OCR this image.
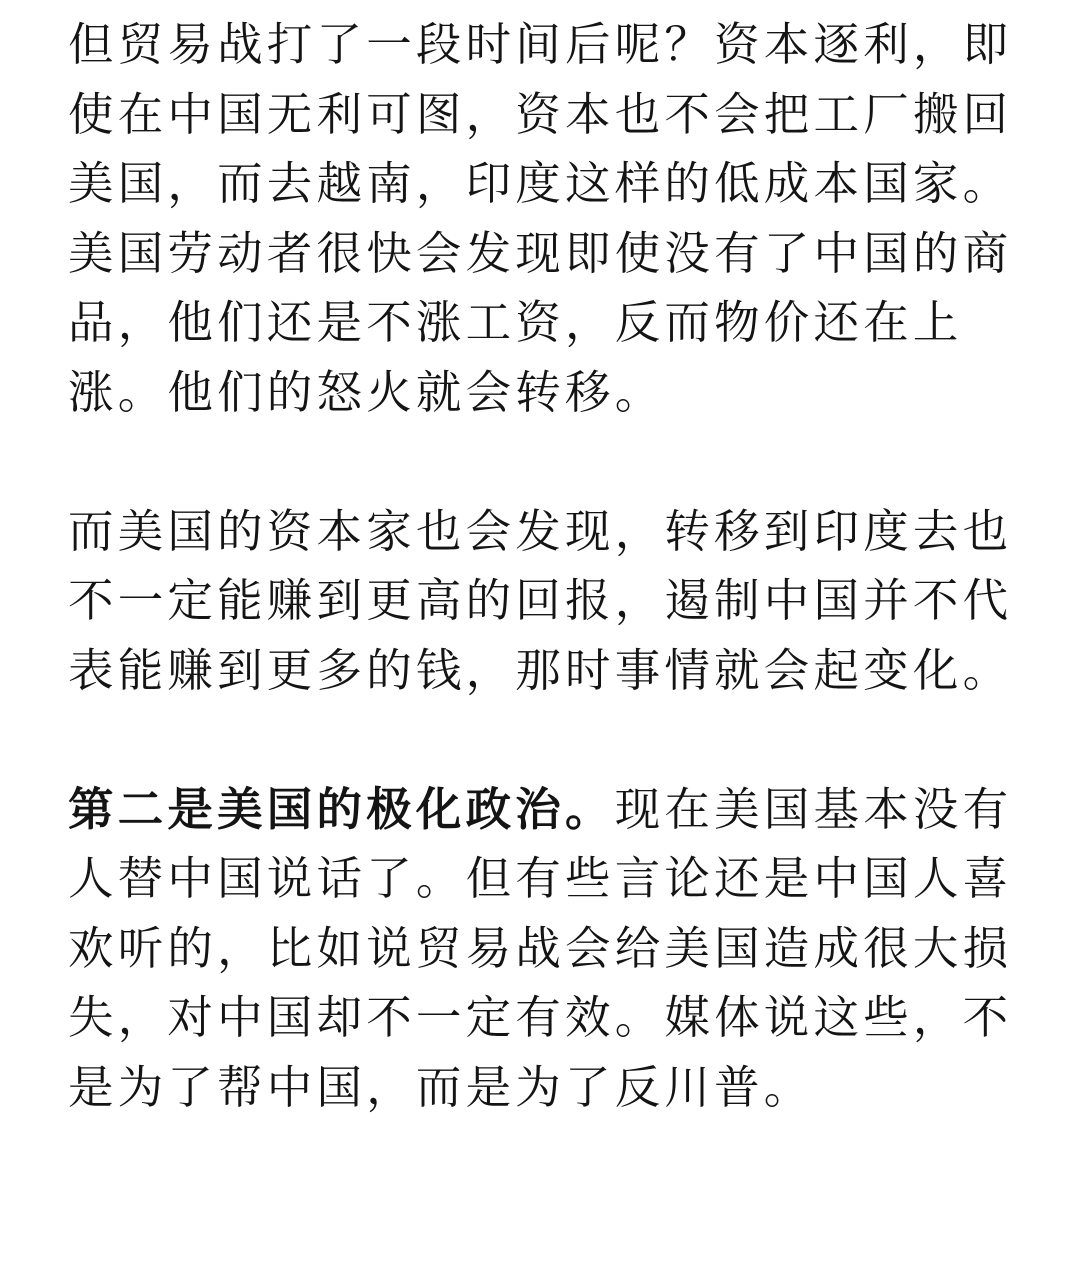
但贸易战打了一段时间后呢？资本逐利，即使在中国无利可图，资本也不会把工厂搬回美国，而去越南，印度这样的低成本国家。美国劳动者很快会发现即使没有了中国的商品，他们还是不涨工资，反而物价还在上涨。他们的怒火就会转移。

而美国的资本家也会发现，转移到印度去也不一定能赚到更高的回报，遏制中国并不代表能赚到更多的钱，那时事情就会起变化。

第二是美国的极化政治。现在美国基本没有人替中国说话了。但有些言论还是中国人喜欢听的，比如说贸易战会给美国造成很大损失，对中国却不一定有效。媒体说这些，不是为了帮中国，而是为了反川普。
